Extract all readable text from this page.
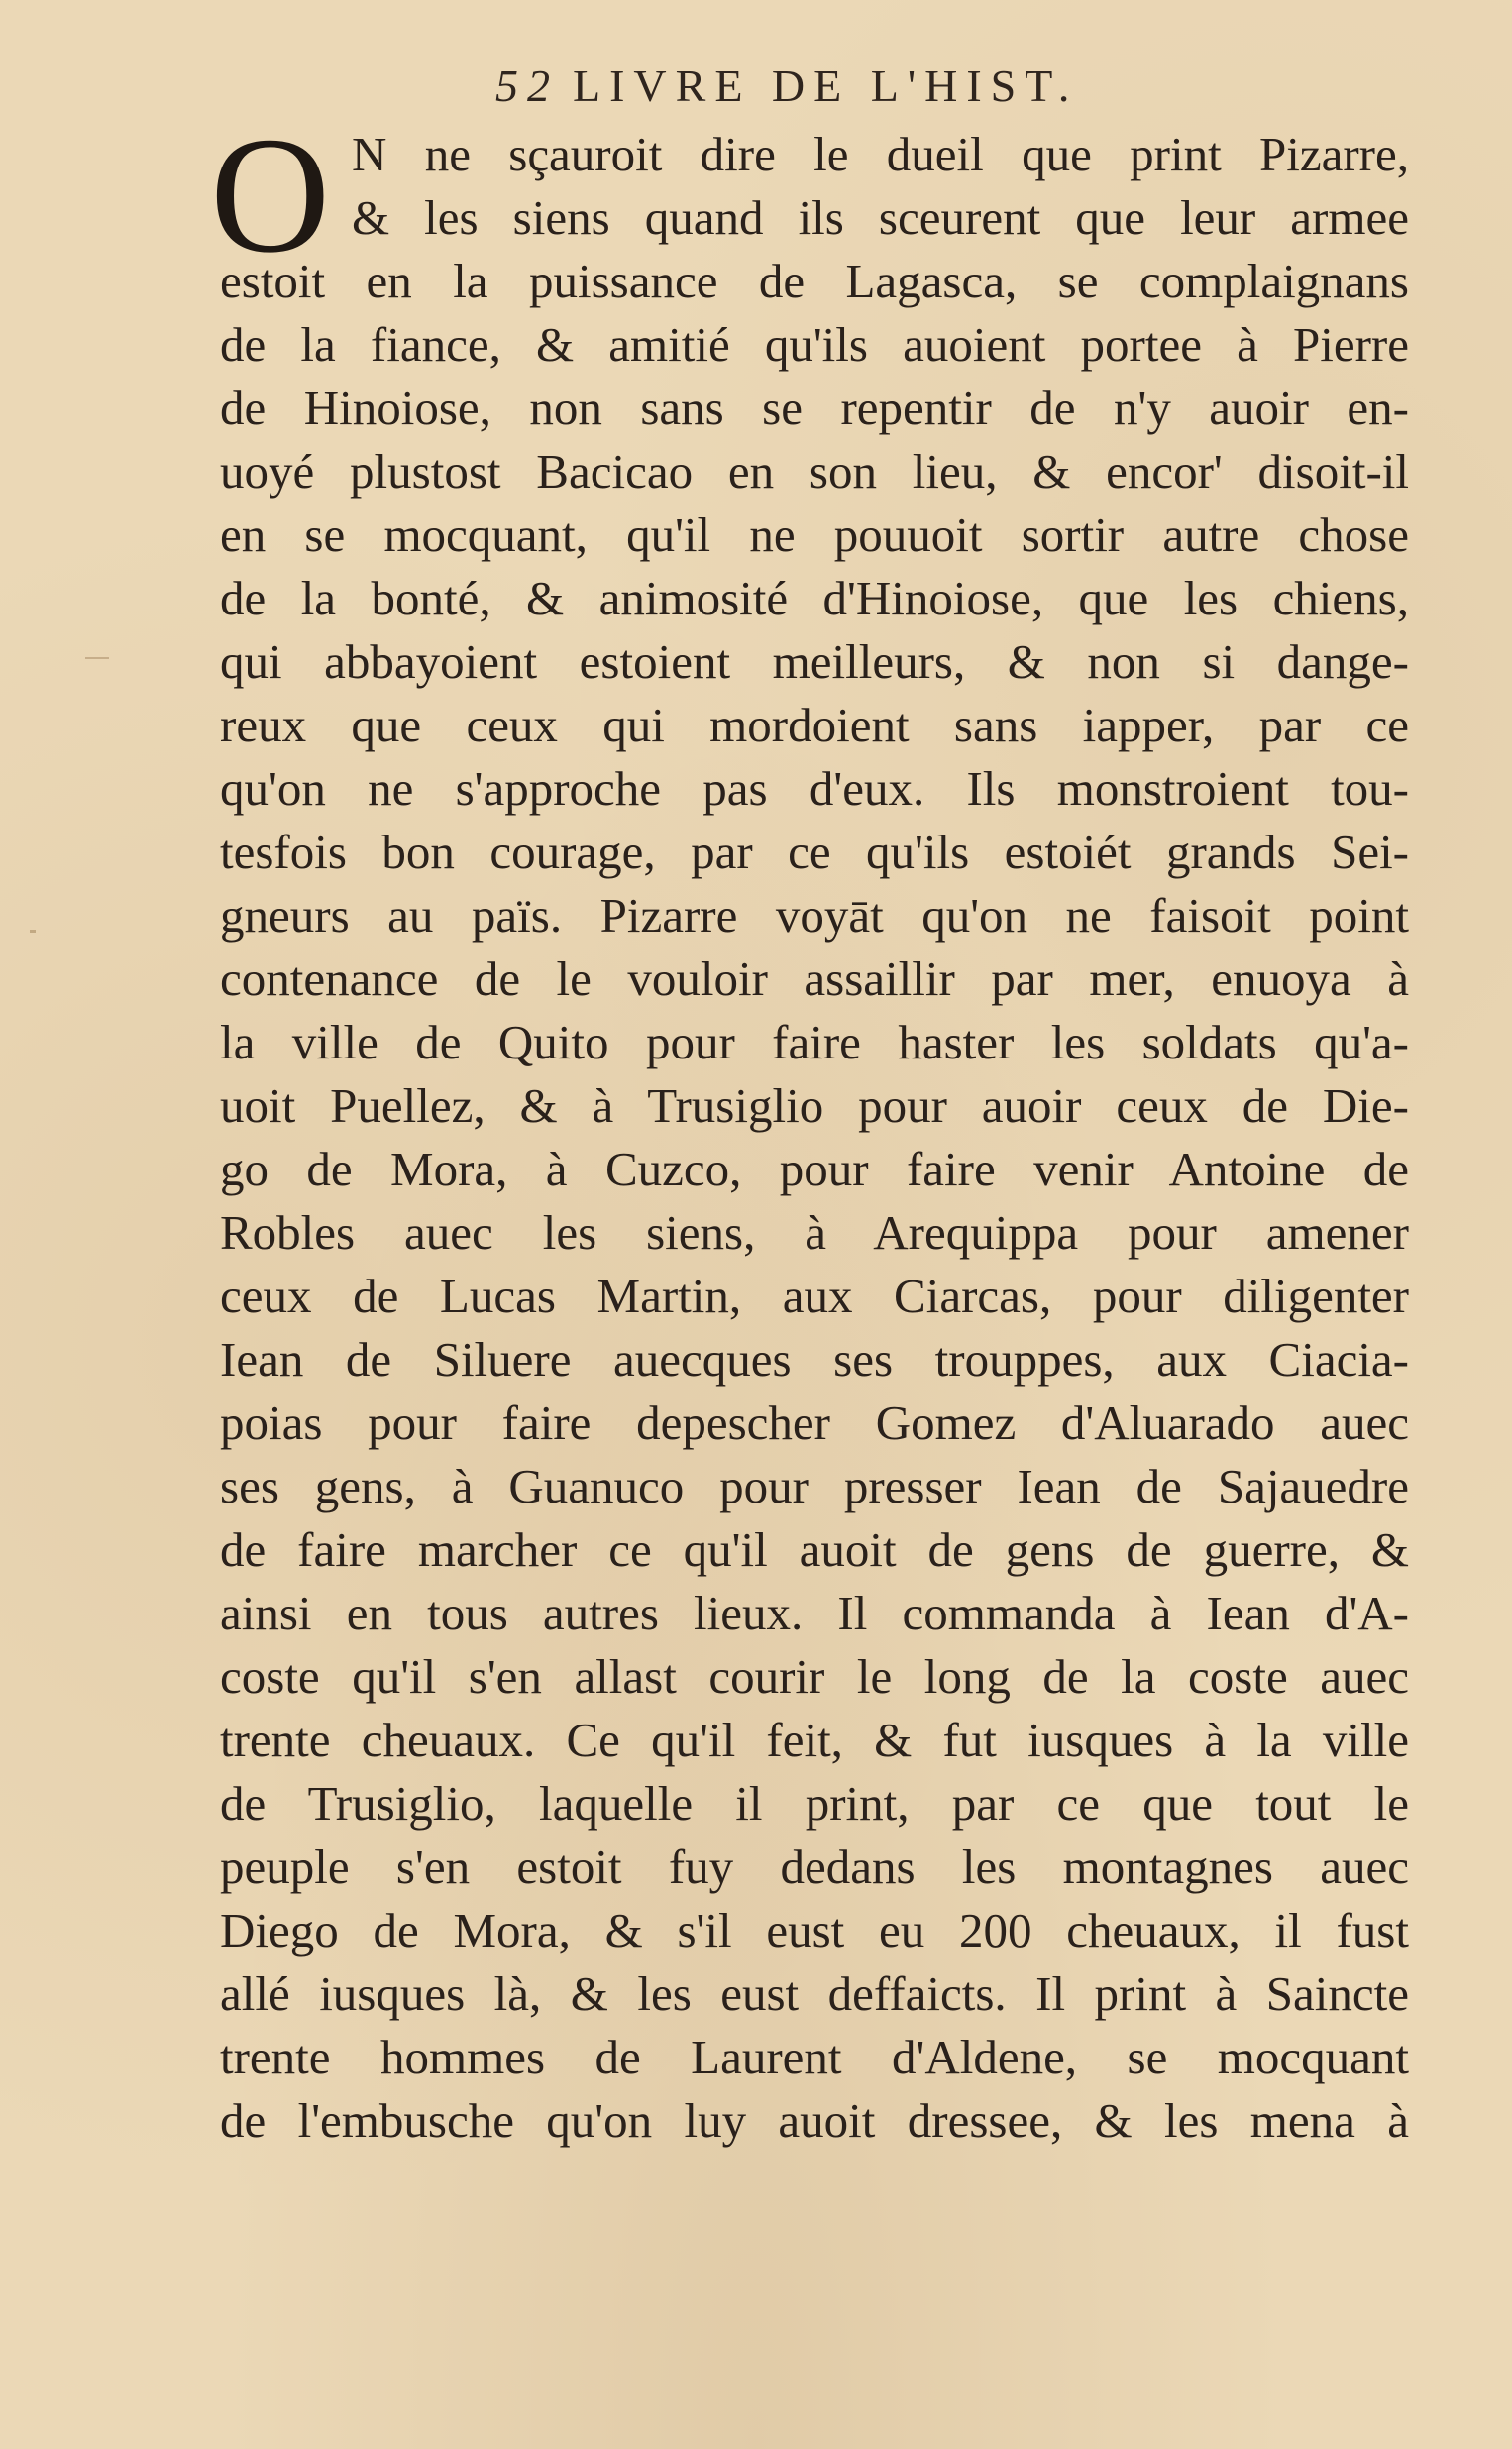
52 LIVRE DE L'HIST.
O N ne sçauroit dire le dueil que print Pizarre,
& les siens quand ils sceurent que leur armee
estoit en la puissance de Lagasca, se complaignans
de la fiance, & amitié qu'ils auoient portee à Pierre
de Hinoiose, non sans se repentir de n'y auoir en-
uoyé plustost Bacicao en son lieu, & encor' disoit-il
en se mocquant, qu'il ne pouuoit sortir autre chose
de la bonté, & animosité d'Hinoiose, que les chiens,
qui abbayoient estoient meilleurs, & non si dange-
reux que ceux qui mordoient sans iapper, par ce
qu'on ne s'approche pas d'eux. Ils monstroient tou-
tesfois bon courage, par ce qu'ils estoiét grands Sei-
gneurs au païs. Pizarre voyāt qu'on ne faisoit point
contenance de le vouloir assaillir par mer, enuoya à
la ville de Quito pour faire haster les soldats qu'a-
uoit Puellez, & à Trusiglio pour auoir ceux de Die-
go de Mora, à Cuzco, pour faire venir Antoine de
Robles auec les siens, à Arequippa pour amener
ceux de Lucas Martin, aux Ciarcas, pour diligenter
Iean de Siluere auecques ses trouppes, aux Ciacia-
poias pour faire depescher Gomez d'Aluarado auec
ses gens, à Guanuco pour presser Iean de Sajauedre
de faire marcher ce qu'il auoit de gens de guerre, &
ainsi en tous autres lieux. Il commanda à Iean d'A-
coste qu'il s'en allast courir le long de la coste auec
trente cheuaux. Ce qu'il feit, & fut iusques à la ville
de Trusiglio, laquelle il print, par ce que tout le
peuple s'en estoit fuy dedans les montagnes auec
Diego de Mora, & s'il eust eu 200 cheuaux, il fust
allé iusques là, & les eust deffaicts. Il print à Saincte
trente hommes de Laurent d'Aldene, se mocquant
de l'embusche qu'on luy auoit dressee, & les mena à
